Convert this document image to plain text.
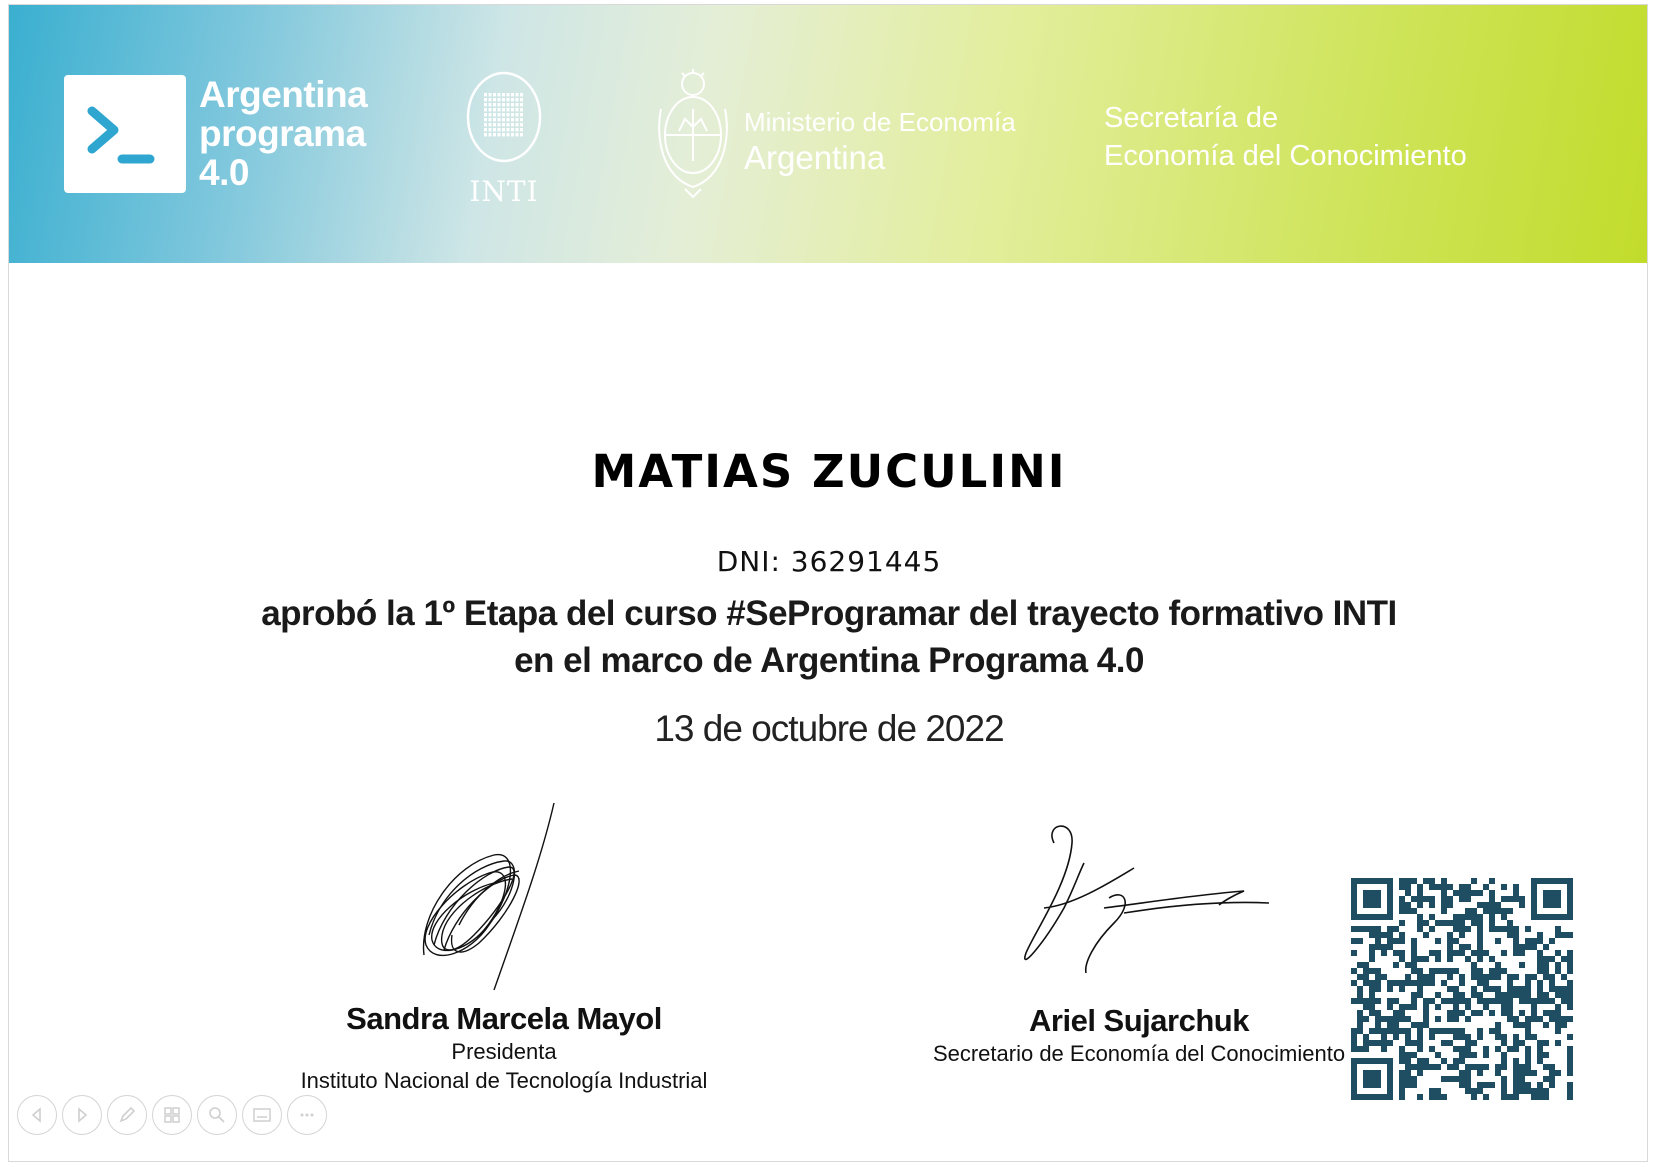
Argentina
programa
4.0	INTI
Ministerio de Economía
Argentina
Secretaría de
Economía del Conocimiento
MATIAS ZUCULINI
DNI: 36291445
aprobó la 1º Etapa del curso #SeProgramar del trayecto formativo INTI
en el marco de Argentina Programa 4.0
13 de octubre de 2022
Sandra Marcela Mayol
Presidenta
Instituto Nacional de Tecnología Industrial
Ariel Sujarchuk
Secretario de Economía del Conocimiento
